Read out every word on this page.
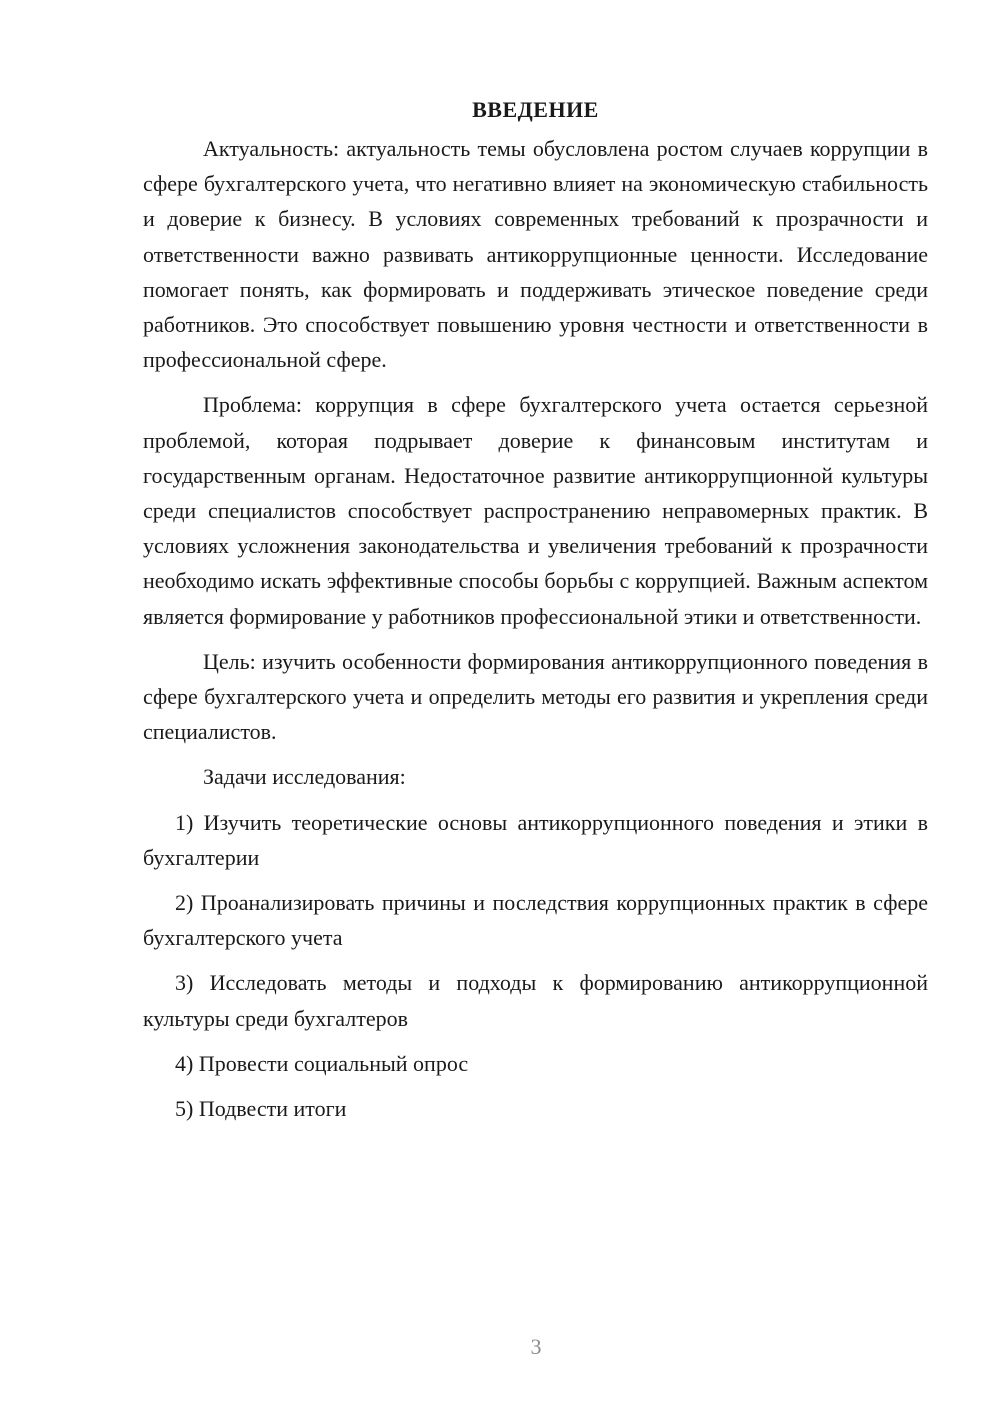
ВВЕДЕНИЕ

Актуальность: актуальность темы обусловлена ростом случаев коррупции в сфере бухгалтерского учета, что негативно влияет на экономическую стабильность и доверие к бизнесу. В условиях современных требований к прозрачности и ответственности важно развивать антикоррупционные ценности. Исследование помогает понять, как формировать и поддерживать этическое поведение среди работников. Это способствует повышению уровня честности и ответственности в профессиональной сфере.

Проблема: коррупция в сфере бухгалтерского учета остается серьезной проблемой, которая подрывает доверие к финансовым институтам и государственным органам. Недостаточное развитие антикоррупционной культуры среди специалистов способствует распространению неправомерных практик. В условиях усложнения законодательства и увеличения требований к прозрачности необходимо искать эффективные способы борьбы с коррупцией. Важным аспектом является формирование у работников профессиональной этики и ответственности.

Цель: изучить особенности формирования антикоррупционного поведения в сфере бухгалтерского учета и определить методы его развития и укрепления среди специалистов.

Задачи исследования:

1) Изучить теоретические основы антикоррупционного поведения и этики в бухгалтерии

2) Проанализировать причины и последствия коррупционных практик в сфере бухгалтерского учета

3) Исследовать методы и подходы к формированию антикоррупционной культуры среди бухгалтеров

4) Провести социальный опрос

5) Подвести итоги

3
